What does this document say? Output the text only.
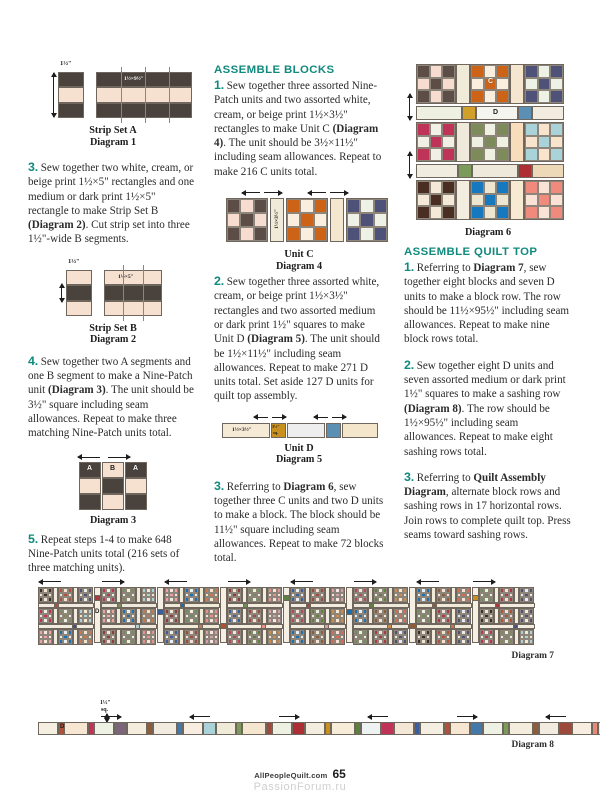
1½"
1½×9½"
Strip Set A
Diagram 1

3. Sew together two white, cream, or beige print 1½×5" rectangles and one medium or dark print 1½×5" rectangle to make Strip Set B (Diagram 2). Cut strip set into three 1½"-wide B segments.

1½"
1½×5"
Strip Set B
Diagram 2

4. Sew together two A segments and one B segment to make a Nine-Patch unit (Diagram 3). The unit should be 3½" square including seam allowances. Repeat to make three matching Nine-Patch units total.

A	B	A
Diagram 3

5. Repeat steps 1-4 to make 648 Nine-Patch units total (216 sets of three matching units).

ASSEMBLE BLOCKS

1. Sew together three assorted Nine-Patch units and two assorted white, cream, or beige print 1½×3½" rectangles to make Unit C (Diagram 4). The unit should be 3½×11½" including seam allowances. Repeat to make 216 C units total.

1½×3½"
Unit C
Diagram 4

2. Sew together three assorted white, cream, or beige print 1½×3½" rectangles and two assorted medium or dark print 1½" squares to make Unit D (Diagram 5). The unit should be 1½×11½" including seam allowances. Repeat to make 271 D units total. Set aside 127 D units for quilt top assembly.

1½×3½"
1½"
sq.
Unit D
Diagram 5

3. Referring to Diagram 6, sew together three C units and two D units to make a block. The block should be 11½" square including seam allowances. Repeat to make 72 blocks total.

C
D
Diagram 6
ASSEMBLE QUILT TOP

1. Referring to Diagram 7, sew together eight blocks and seven D units to make a block row. The row should be 11½×95½" including seam allowances. Repeat to make nine block rows total.

2. Sew together eight D units and seven assorted medium or dark print 1½" squares to make a sashing row (Diagram 8). The row should be 1½×95½" including seam allowances. Repeat to make eight sashing rows total.

3. Referring to Quilt Assembly Diagram, alternate block rows and sashing rows in 17 horizontal rows. Join rows to complete quilt top. Press seams toward sashing rows.

D
Diagram 7
1½"
sq.
D
Diagram 8
AllPeopleQuilt.com 65
PassionForum.ru
